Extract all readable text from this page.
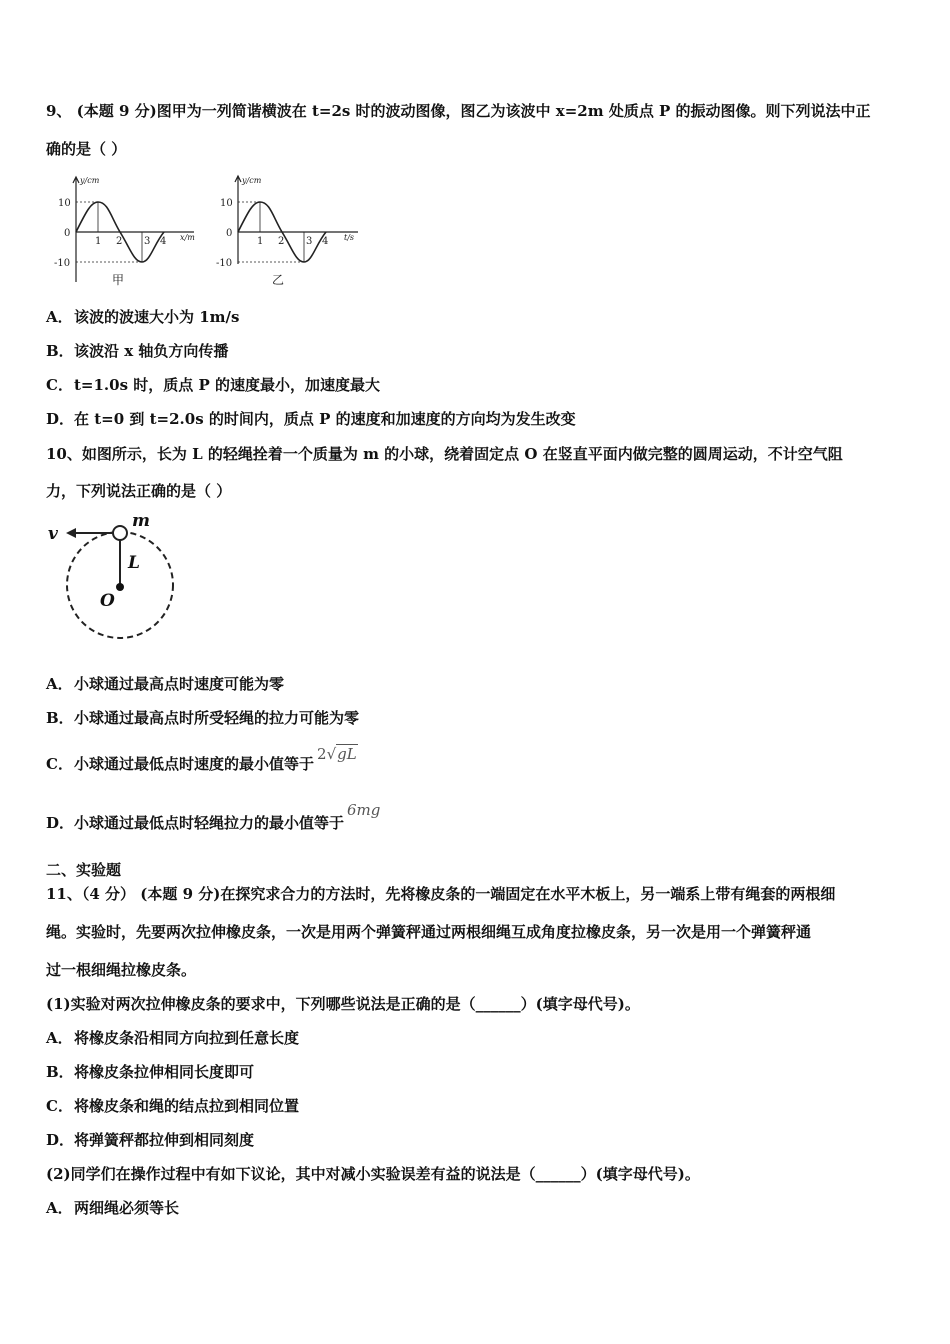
9、 (本题 9 分)图甲为一列简谐横波在 t=2s 时的波动图像，图乙为该波中 x=2m 处质点 P 的振动图像。则下列说法中正
确的是（ ）
y/cm
10
0
-10
1 2 3 4 x/m
甲
y/cm
10
0
-10
1 2 3 4 t/s
乙
A．该波的波速大小为 1m/s
B．该波沿 x 轴负方向传播
C．t=1.0s 时，质点 P 的速度最小，加速度最大
D．在 t=0 到 t=2.0s 的时间内，质点 P 的速度和加速度的方向均为发生改变
10、如图所示，长为 L 的轻绳拴着一个质量为 m 的小球，绕着固定点 O 在竖直平面内做完整的圆周运动，不计空气阻
力，下列说法正确的是（ ）
v
m
L
O
A．小球通过最高点时速度可能为零
B．小球通过最高点时所受轻绳的拉力可能为零
C．小球通过最低点时速度的最小值等于2√gL
D．小球通过最低点时轻绳拉力的最小值等于6mg
二、实验题
11、（4 分） (本题 9 分)在探究求合力的方法时，先将橡皮条的一端固定在水平木板上，另一端系上带有绳套的两根细
绳。实验时，先要两次拉伸橡皮条，一次是用两个弹簧秤通过两根细绳互成角度拉橡皮条，另一次是用一个弹簧秤通
过一根细绳拉橡皮条。
(1)实验对两次拉伸橡皮条的要求中，下列哪些说法是正确的是（______）(填字母代号)。
A．将橡皮条沿相同方向拉到任意长度
B．将橡皮条拉伸相同长度即可
C．将橡皮条和绳的结点拉到相同位置
D．将弹簧秤都拉伸到相同刻度
(2)同学们在操作过程中有如下议论，其中对减小实验误差有益的说法是（______）(填字母代号)。
A．两细绳必须等长
